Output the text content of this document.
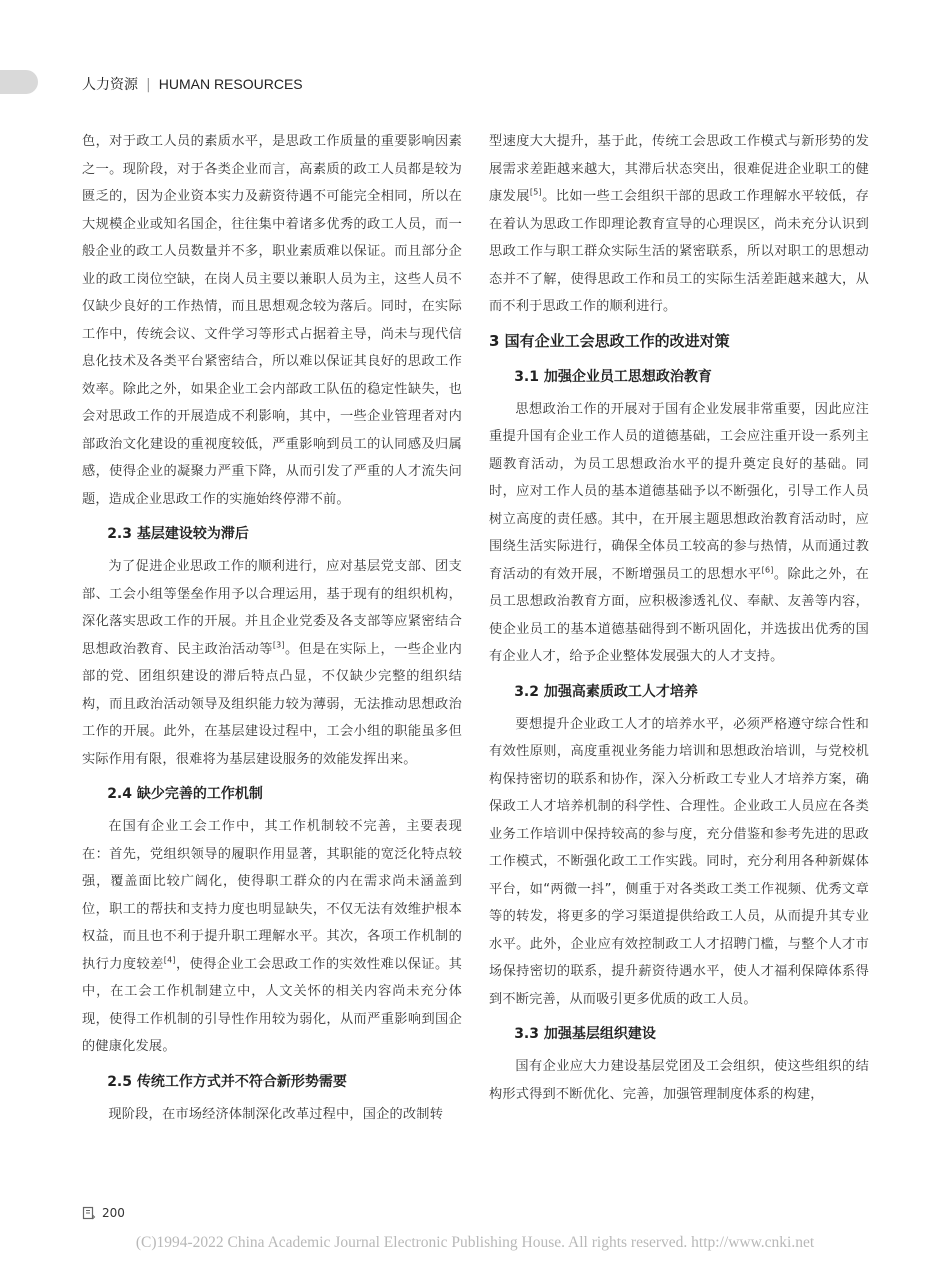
人力资源 | HUMAN RESOURCES

色，对于政工人员的素质水平，是思政工作质量的重要影响因素之一。现阶段，对于各类企业而言，高素质的政工人员都是较为匮乏的，因为企业资本实力及薪资待遇不可能完全相同，所以在大规模企业或知名国企，往往集中着诸多优秀的政工人员，而一般企业的政工人员数量并不多，职业素质难以保证。而且部分企业的政工岗位空缺，在岗人员主要以兼职人员为主，这些人员不仅缺少良好的工作热情，而且思想观念较为落后。同时，在实际工作中，传统会议、文件学习等形式占据着主导，尚未与现代信息化技术及各类平台紧密结合，所以难以保证其良好的思政工作效率。除此之外，如果企业工会内部政工队伍的稳定性缺失，也会对思政工作的开展造成不利影响，其中，一些企业管理者对内部政治文化建设的重视度较低，严重影响到员工的认同感及归属感，使得企业的凝聚力严重下降，从而引发了严重的人才流失问题，造成企业思政工作的实施始终停滞不前。

2.3 基层建设较为滞后

为了促进企业思政工作的顺利进行，应对基层党支部、团支部、工会小组等堡垒作用予以合理运用，基于现有的组织机构，深化落实思政工作的开展。并且企业党委及各支部等应紧密结合思想政治教育、民主政治活动等[3]。但是在实际上，一些企业内部的党、团组织建设的滞后特点凸显，不仅缺少完整的组织结构，而且政治活动领导及组织能力较为薄弱，无法推动思想政治工作的开展。此外，在基层建设过程中，工会小组的职能虽多但实际作用有限，很难将为基层建设服务的效能发挥出来。

2.4 缺少完善的工作机制

在国有企业工会工作中，其工作机制较不完善，主要表现在：首先，党组织领导的履职作用显著，其职能的宽泛化特点较强，覆盖面比较广阔化，使得职工群众的内在需求尚未涵盖到位，职工的帮扶和支持力度也明显缺失，不仅无法有效维护根本权益，而且也不利于提升职工理解水平。其次，各项工作机制的执行力度较差[4]，使得企业工会思政工作的实效性难以保证。其中，在工会工作机制建立中，人文关怀的相关内容尚未充分体现，使得工作机制的引导性作用较为弱化，从而严重影响到国企的健康化发展。

2.5 传统工作方式并不符合新形势需要

现阶段，在市场经济体制深化改革过程中，国企的改制转

型速度大大提升，基于此，传统工会思政工作模式与新形势的发展需求差距越来越大，其滞后状态突出，很难促进企业职工的健康发展[5]。比如一些工会组织干部的思政工作理解水平较低，存在着认为思政工作即理论教育宣导的心理误区，尚未充分认识到思政工作与职工群众实际生活的紧密联系，所以对职工的思想动态并不了解，使得思政工作和员工的实际生活差距越来越大，从而不利于思政工作的顺利进行。

3 国有企业工会思政工作的改进对策
3.1 加强企业员工思想政治教育

思想政治工作的开展对于国有企业发展非常重要，因此应注重提升国有企业工作人员的道德基础，工会应注重开设一系列主题教育活动，为员工思想政治水平的提升奠定良好的基础。同时，应对工作人员的基本道德基础予以不断强化，引导工作人员树立高度的责任感。其中，在开展主题思想政治教育活动时，应围绕生活实际进行，确保全体员工较高的参与热情，从而通过教育活动的有效开展，不断增强员工的思想水平[6]。除此之外，在员工思想政治教育方面，应积极渗透礼仪、奉献、友善等内容，使企业员工的基本道德基础得到不断巩固化，并选拔出优秀的国有企业人才，给予企业整体发展强大的人才支持。

3.2 加强高素质政工人才培养

要想提升企业政工人才的培养水平，必须严格遵守综合性和有效性原则，高度重视业务能力培训和思想政治培训，与党校机构保持密切的联系和协作，深入分析政工专业人才培养方案，确保政工人才培养机制的科学性、合理性。企业政工人员应在各类业务工作培训中保持较高的参与度，充分借鉴和参考先进的思政工作模式，不断强化政工工作实践。同时，充分利用各种新媒体平台，如“两微一抖”，侧重于对各类政工类工作视频、优秀文章等的转发，将更多的学习渠道提供给政工人员，从而提升其专业水平。此外，企业应有效控制政工人才招聘门槛，与整个人才市场保持密切的联系，提升薪资待遇水平，使人才福利保障体系得到不断完善，从而吸引更多优质的政工人员。

3.3 加强基层组织建设

国有企业应大力建设基层党团及工会组织，使这些组织的结构形式得到不断优化、完善，加强管理制度体系的构建，

200
(C)1994-2022 China Academic Journal Electronic Publishing House. All rights reserved. http://www.cnki.net
